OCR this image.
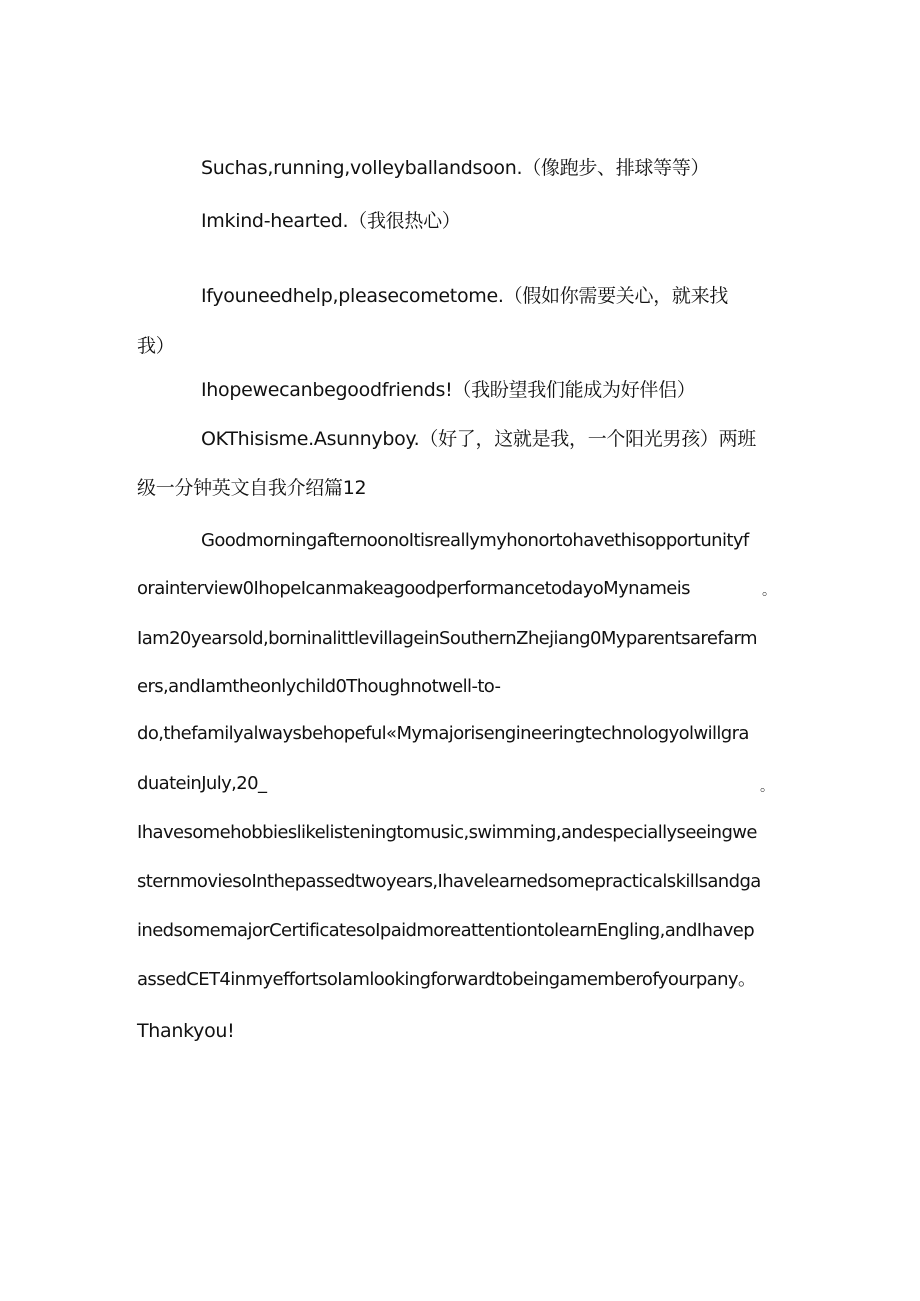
Suchas,running,volleyballandsoon.（像跑步、排球等等）
Imkind-hearted.（我很热心）
Ifyouneedhelp,pleasecometome.（假如你需要关心，就来找
我）
Ihopewecanbegoodfriends!（我盼望我们能成为好伴侣）
OKThisisme.Asunnyboy.（好了，这就是我，一个阳光男孩）两班
级一分钟英文自我介绍篇12
GoodmorningafternoonoItisreallymyhonortohavethisopportunityf
orainterview0IhopeIcanmakeagoodperformancetodayoMynameis	。
Iam20yearsold,borninalittlevillageinSouthernZhejiang0Myparentsarefarm
ers,andIamtheonlychild0Thoughnotwell-to-
do,thefamilyalwaysbehopeful«Mymajorisengineeringtechnologyolwillgra
duateinJuly,20_	。
Ihavesomehobbieslikelisteningtomusic,swimming,andespeciallyseeingwe
sternmoviesoInthepassedtwoyears,Ihavelearnedsomepracticalskillsandga
inedsomemajorCertificatesoIpaidmoreattentiontolearnEngling,andIhavep
assedCET4inmyeffortsoIamlookingforwardtobeingamemberofyourpany。
Thankyou!
